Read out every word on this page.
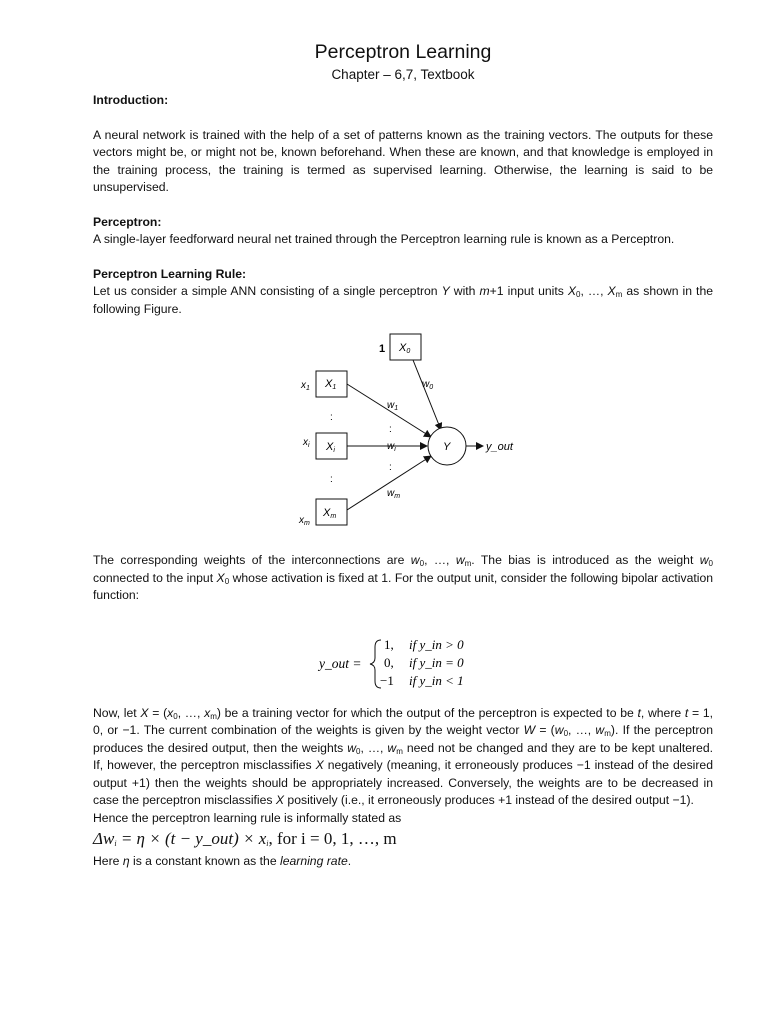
Perceptron Learning
Chapter – 6,7, Textbook
Introduction:

A neural network is trained with the help of a set of patterns known as the training vectors. The outputs for these vectors might be, or might not be, known beforehand. When these are known, and that knowledge is employed in the training process, the training is termed as supervised learning. Otherwise, the learning is said to be unsupervised.

Perceptron:

A single-layer feedforward neural net trained through the Perceptron learning rule is known as a Perceptron.

Perceptron Learning Rule:

Let us consider a simple ANN consisting of a single perceptron Y with m+1 input units $X_0$, …, $X_m$ as shown in the following Figure.

1 X0
$x_1$ X1
:
$x_i$ Xi
:
$x_m$
Xm
$w_0$
$w_1$
:
$w_i$
:
$w_m$
Y	y_out

The corresponding weights of the interconnections are $w_0$, …, $w_m$. The bias is introduced as the weight $w_0$ connected to the input $X_0$ whose activation is fixed at 1. For the output unit, consider the following bipolar activation function:

y_out =
1, if y_in > 0
0, if y_in = 0
−1 if y_in < 1

Now, let $X = (x_0$, …, $x_m$) be a training vector for which the output of the perceptron is expected to be t, where t = 1, 0, or −1. The current combination of the weights is given by the weight vector $W = (w_0$, …, $w_m$). If the perceptron produces the desired output, then the weights $w_0$, …, $w_m$ need not be changed and they are to be kept unaltered. If, however, the perceptron misclassifies X negatively (meaning, it erroneously produces −1 instead of the desired output +1) then the weights should be appropriately increased. Conversely, the weights are to be decreased in case the perceptron misclassifies X positively (i.e., it erroneously produces +1 instead of the desired output −1).

Hence the perceptron learning rule is informally stated as

$\Delta w_i = \eta \times (t$ − y_out) × $x_i$, for i = 0, 1, …, m

Here η is a constant known as the learning rate.
